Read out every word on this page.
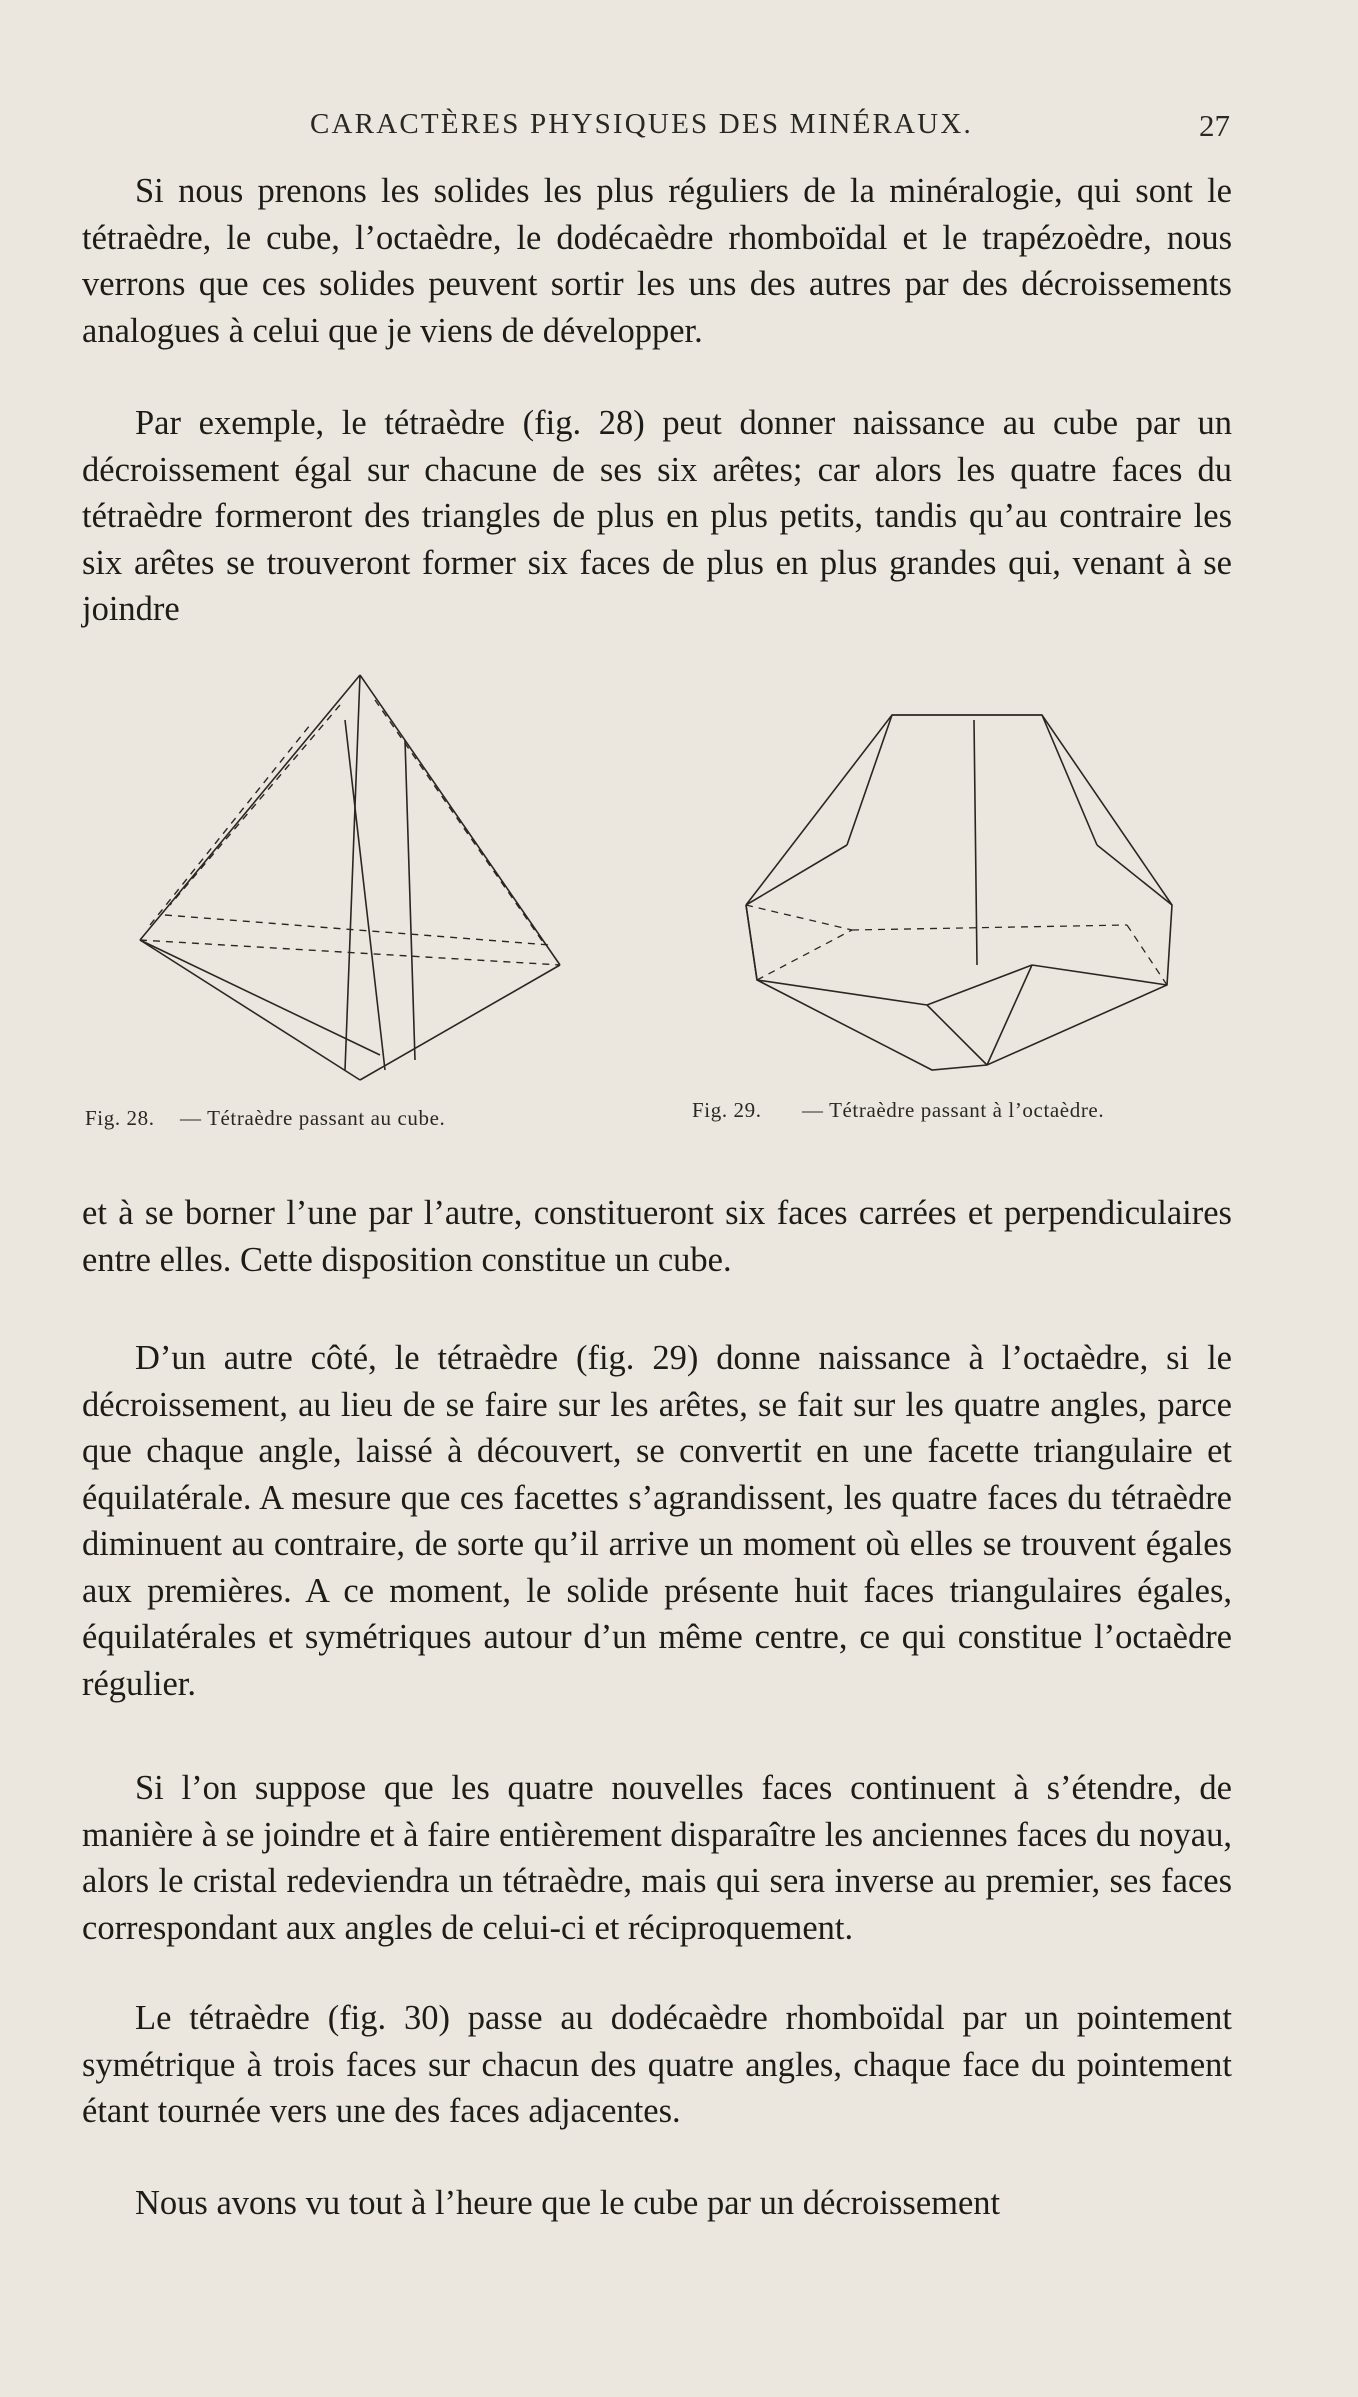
CARACTÈRES PHYSIQUES DES MINÉRAUX.	27

Si nous prenons les solides les plus réguliers de la minéralogie, qui sont le tétraèdre, le cube, l’octaèdre, le dodécaèdre rhomboïdal et le trapézoèdre, nous verrons que ces solides peuvent sortir les uns des autres par des décroissements analogues à celui que je viens de développer.

Par exemple, le tétraèdre (fig. 28) peut donner naissance au cube par un décroissement égal sur chacune de ses six arêtes; car alors les quatre faces du tétraèdre formeront des triangles de plus en plus petits, tandis qu’au contraire les six arêtes se trouveront former six faces de plus en plus grandes qui, venant à se joindre

Fig. 28. — Tétraèdre passant au cube.	Fig. 29. — Tétraèdre passant à l’octaèdre.

et à se borner l’une par l’autre, constitueront six faces carrées et perpendiculaires entre elles. Cette disposition constitue un cube.

D’un autre côté, le tétraèdre (fig. 29) donne naissance à l’octaèdre, si le décroissement, au lieu de se faire sur les arêtes, se fait sur les quatre angles, parce que chaque angle, laissé à découvert, se convertit en une facette triangulaire et équilatérale. A mesure que ces facettes s’agrandissent, les quatre faces du tétraèdre diminuent au contraire, de sorte qu’il arrive un moment où elles se trouvent égales aux premières. A ce moment, le solide présente huit faces triangulaires égales, équilatérales et symétriques autour d’un même centre, ce qui constitue l’octaèdre régulier.

Si l’on suppose que les quatre nouvelles faces continuent à s’étendre, de manière à se joindre et à faire entièrement disparaître les anciennes faces du noyau, alors le cristal redeviendra un tétraèdre, mais qui sera inverse au premier, ses faces correspondant aux angles de celui-ci et réciproquement.

Le tétraèdre (fig. 30) passe au dodécaèdre rhomboïdal par un pointement symétrique à trois faces sur chacun des quatre angles, chaque face du pointement étant tournée vers une des faces adjacentes.

Nous avons vu tout à l’heure que le cube par un décroissement
